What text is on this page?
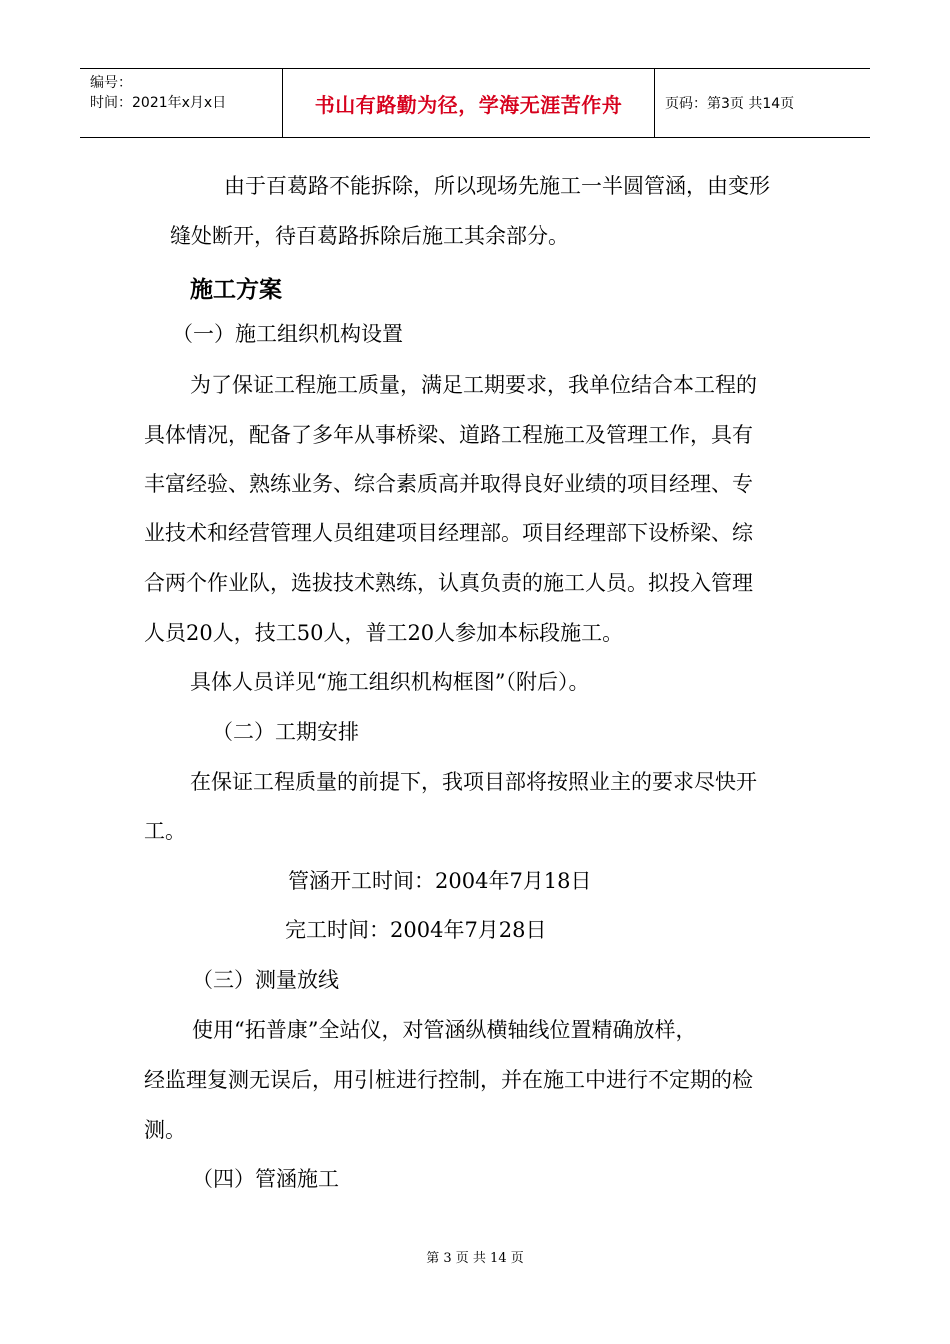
编号：
时间：2021年x月x日	书山有路勤为径，学海无涯苦作舟	页码：第3页 共14页
由于百葛路不能拆除，所以现场先施工一半圆管涵，由变形
缝处断开，待百葛路拆除后施工其余部分。
施工方案
（一）施工组织机构设置
为了保证工程施工质量，满足工期要求，我单位结合本工程的
具体情况，配备了多年从事桥梁、道路工程施工及管理工作，具有
丰富经验、熟练业务、综合素质高并取得良好业绩的项目经理、专
业技术和经营管理人员组建项目经理部。项目经理部下设桥梁、综
合两个作业队，选拔技术熟练，认真负责的施工人员。拟投入管理
人员20人，技工50人，普工20人参加本标段施工。
具体人员详见“施工组织机构框图”（附后）。
（二）工期安排
在保证工程质量的前提下，我项目部将按照业主的要求尽快开
工。
管涵开工时间：2004年7月18日
完工时间：2004年7月28日
（三）测量放线
使用“拓普康”全站仪，对管涵纵横轴线位置精确放样，
经监理复测无误后，用引桩进行控制，并在施工中进行不定期的检
测。
（四）管涵施工
第 3 页 共 14 页
